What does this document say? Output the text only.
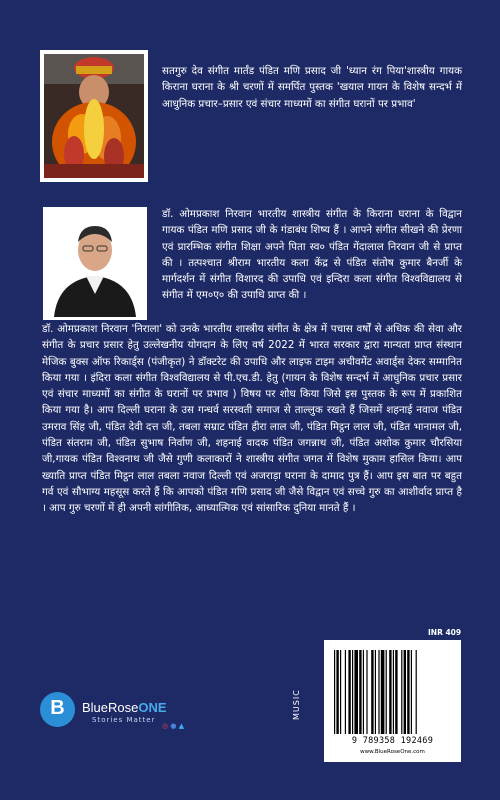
सतगुरु देव संगीत मार्तंड पंडित मणि प्रसाद जी 'ध्यान रंग पिया'शास्त्रीय गायक किराना घराना के श्री चरणों में समर्पित पुस्तक 'खयाल गायन के विशेष सन्दर्भ में आधुनिक प्रचार–प्रसार एवं संचार माध्यमों का संगीत घरानों पर प्रभाव'
डॉ. ओमप्रकाश निरवान भारतीय शास्त्रीय संगीत के किराना घराना के विद्वान गायक पंडित मणि प्रसाद जी के गंडाबंध शिष्य हैं । आपने संगीत सीखने की प्रेरणा एवं प्रारम्भिक संगीत शिक्षा अपने पिता स्व० पंडित गेंदालाल निरवान जी से प्राप्त की । तत्पश्चात श्रीराम भारतीय कला केंद्र से पंडित संतोष कुमार बैनर्जी के मार्गदर्शन में संगीत विशारद की उपाधि एवं इन्दिरा कला संगीत विश्वविद्यालय से संगीत में एम०ए० की उपाधि प्राप्त की ।
डॉ. ओमप्रकाश निरवान 'निराला' को उनके भारतीय शास्त्रीय संगीत के क्षेत्र में पचास वर्षों से अधिक की सेवा और संगीत के प्रचार प्रसार हेतु उल्लेखनीय योगदान के लिए वर्ष 2022 में भारत सरकार द्वारा मान्यता प्राप्त संस्थान मेजिक बुक्स ऑफ रिकार्ड्स (पंजीकृत) ने डॉक्टरेट की उपाधि और लाइफ टाइम अचीवमेंट अवार्ड्स देकर सम्मानित किया गया । इंदिरा कला संगीत विश्वविद्यालय से पी.एच.डी. हेतु (गायन के विशेष सन्दर्भ में आधुनिक प्रचार प्रसार एवं संचार माध्यमों का संगीत के घरानों पर प्रभाव ) विषय पर शोध किया जिसे इस पुस्तक के रूप में प्रकाशित किया गया है। आप दिल्ली घराना के उस गन्धर्व सरस्वती समाज से ताल्लुक रखते हैं जिसमें शहनाई नवाज पंडित उमराव सिंह जी, पंडित देवी दत्त जी, तबला सम्राट पंडित हीरा लाल जी, पंडित मिट्ठन लाल जी, पंडित भानामल जी, पंडित संतराम जी, पंडित सुभाष निर्वाण जी, शहनाई वादक पंडित जगन्नाथ जी, पंडित अशोक कुमार चौरसिया जी,गायक पंडित विश्वनाथ जी जैसे गुणी कलाकारों ने शास्त्रीय संगीत जगत में विशेष मुकाम हासिल किया। आप ख्याति प्राप्त पंडित मिट्ठन लाल तबला नवाज दिल्ली एवं अजराड़ा घराना के दामाद पुत्र हैं। आप इस बात पर बहुत गर्व एवं सौभाग्य महसूस करते हैं कि आपको पंडित मणि प्रसाद जी जैसे विद्वान एवं सच्चे गुरु का आशीर्वाद प्राप्त है । आप गुरु चरणों में ही अपनी सांगीतिक, आध्यात्मिक एवं सांसारिक दुनिया मानते हैं ।
B	BlueRoseONE
Stories Matter
◎ ● ▲
MUSIC
INR 409
9 789358 192469
www.BlueRoseOne.com
